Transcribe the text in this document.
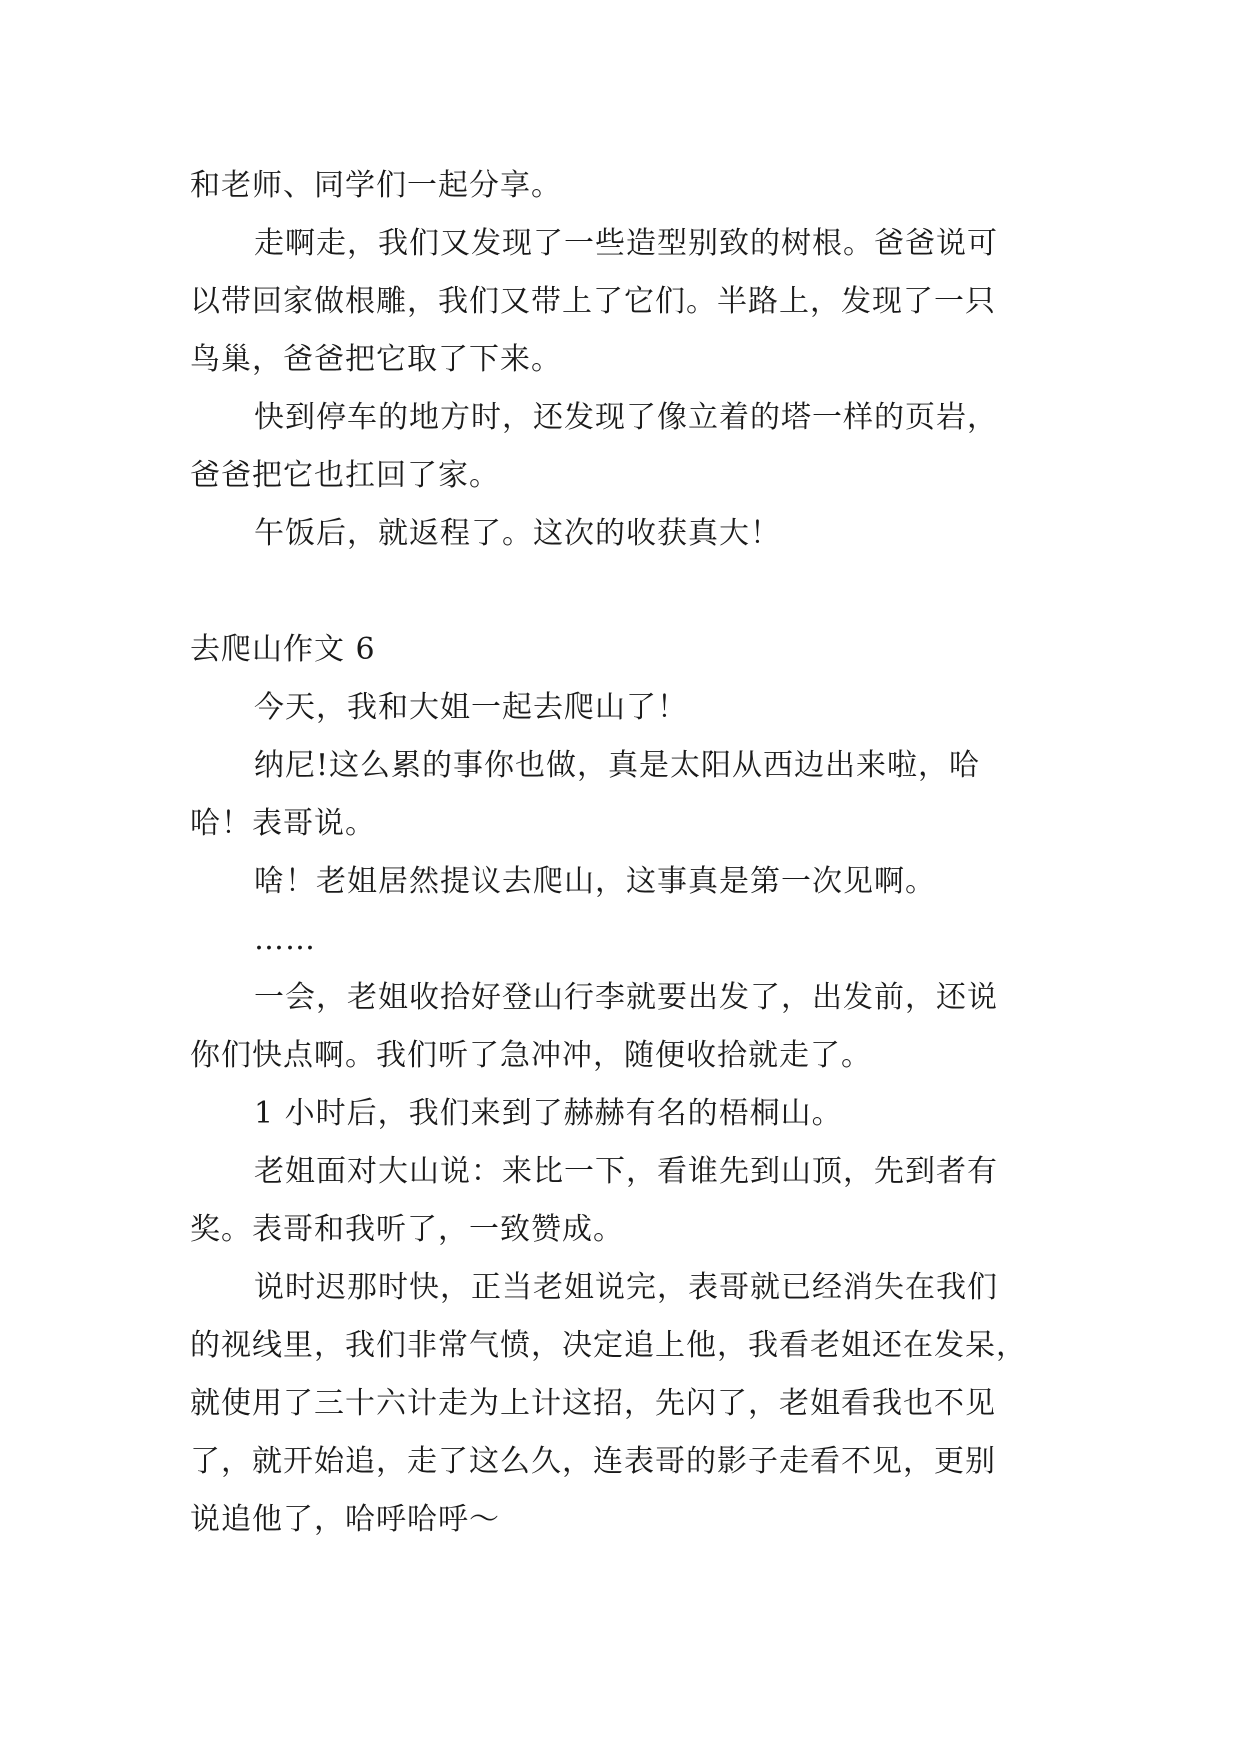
和老师、同学们一起分享。
走啊走，我们又发现了一些造型别致的树根。爸爸说可
以带回家做根雕，我们又带上了它们。半路上，发现了一只
鸟巢，爸爸把它取了下来。
快到停车的地方时，还发现了像立着的塔一样的页岩，
爸爸把它也扛回了家。
午饭后，就返程了。这次的收获真大！
去爬山作文 6
今天，我和大姐一起去爬山了！
纳尼!这么累的事你也做，真是太阳从西边出来啦，哈
哈！表哥说。
啥！老姐居然提议去爬山，这事真是第一次见啊。
……
一会，老姐收拾好登山行李就要出发了，出发前，还说
你们快点啊。我们听了急冲冲，随便收拾就走了。
1 小时后，我们来到了赫赫有名的梧桐山。
老姐面对大山说：来比一下，看谁先到山顶，先到者有
奖。表哥和我听了，一致赞成。
说时迟那时快，正当老姐说完，表哥就已经消失在我们
的视线里，我们非常气愤，决定追上他，我看老姐还在发呆，
就使用了三十六计走为上计这招，先闪了，老姐看我也不见
了，就开始追，走了这么久，连表哥的影子走看不见，更别
说追他了，哈呼哈呼～
